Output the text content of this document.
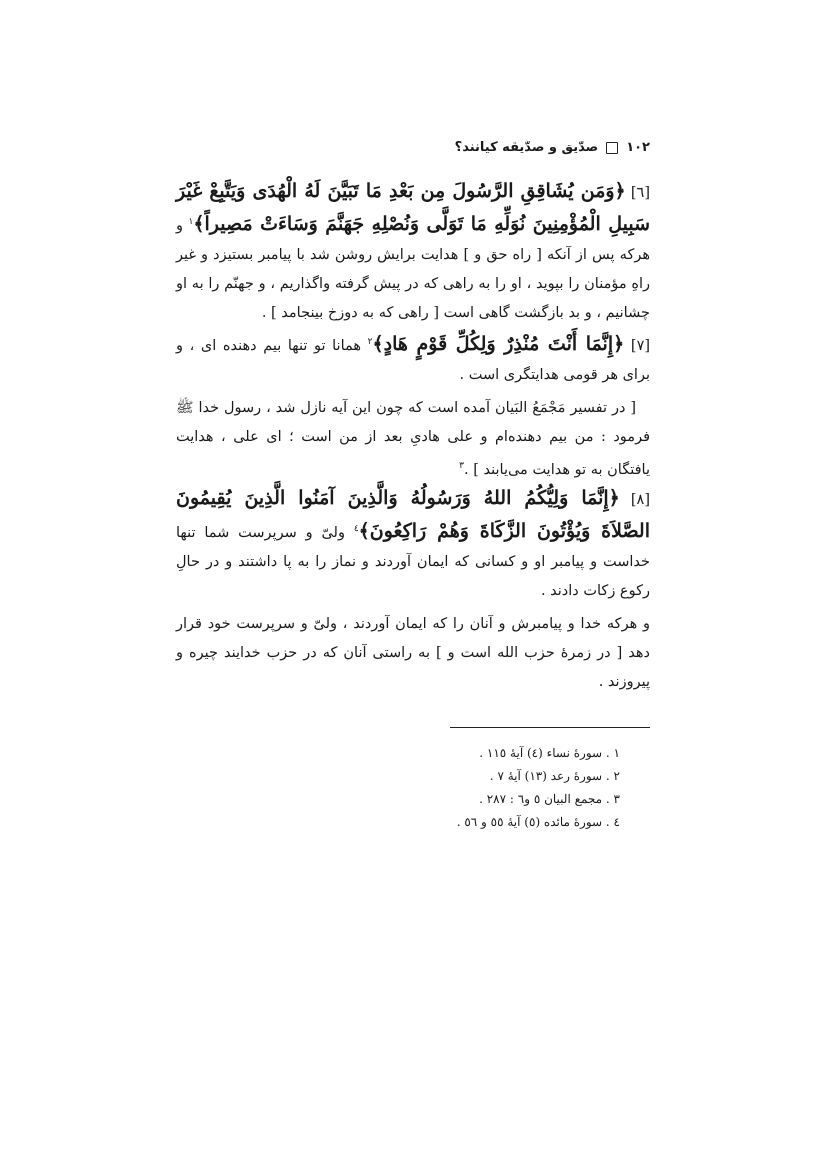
۱۰۲
صدّیق و صدّیقه کیانند؟

[٦] ﴿وَمَن يُشَاقِقِ الرَّسُولَ مِن بَعْدِ مَا تَبَيَّنَ لَهُ الْهُدَى وَيَتَّبِعْ غَيْرَ سَبِيلِ الْمُؤْمِنِينَ نُوَلِّهِ مَا تَوَلَّى وَنُصْلِهِ جَهَنَّمَ وَسَاءَتْ مَصِيراً﴾$^١$ و هرکه پس از آنکه [ راه حق و ] هدایت برایش روشن شد با پیامبر بستیزد و غیر راهِ مؤمنان را بپوید ، او را به راهی که در پیش گرفته واگذاریم ، و جهنّم را به او چشانیم ، و بد بازگشت گاهی است [ راهی که به دوزخ بینجامد ] .

[٧] ﴿إِنَّمَا أَنْتَ مُنْذِرٌ وَلِكُلِّ قَوْمٍ هَادٍ﴾$^٢$ همانا تو تنها بیم دهنده ای ، و برای هر قومی هدایتگری است .

[ در تفسیر مَجْمَعُ البَیان آمده است که چون این آیه نازل شد ، رسول خدا ﷺ فرمود : من بیم دهنده‌ام و علی هادیِ بعد از من است ؛ ای علی ، هدایت یافتگان به تو هدایت می‌یابند ] .$^٣$

[٨] ﴿إِنَّمَا وَلِيُّكُمُ اللهُ وَرَسُولُهُ وَالَّذِينَ آمَنُوا الَّذِينَ يُقِيمُونَ الصَّلاَةَ وَيُؤْتُونَ الزَّكَاةَ وَهُمْ رَاكِعُونَ﴾$^٤$ ولیّ و سرپرست شما تنها خداست و پیامبر او و کسانی که ایمان آوردند و نماز را به پا داشتند و در حالِ رکوع زکات دادند .

و هرکه خدا و پیامبرش و آنان را که ایمان آوردند ، ولیّ و سرپرست خود قرار دهد [ در زمرهٔ حزب الله است و ] به راستی آنان که در حزب خدایند چیره و پیروزند .

١ . سورهٔ نساء (٤) آیهٔ ١١٥ .
٢ . سورهٔ رعد (١٣) آیهٔ ٧ .
٣ . مجمع البیان ٥ و٦ : ٢٨٧ .
٤ . سورهٔ مائده (٥) آیهٔ ٥٥ و ٥٦ .
